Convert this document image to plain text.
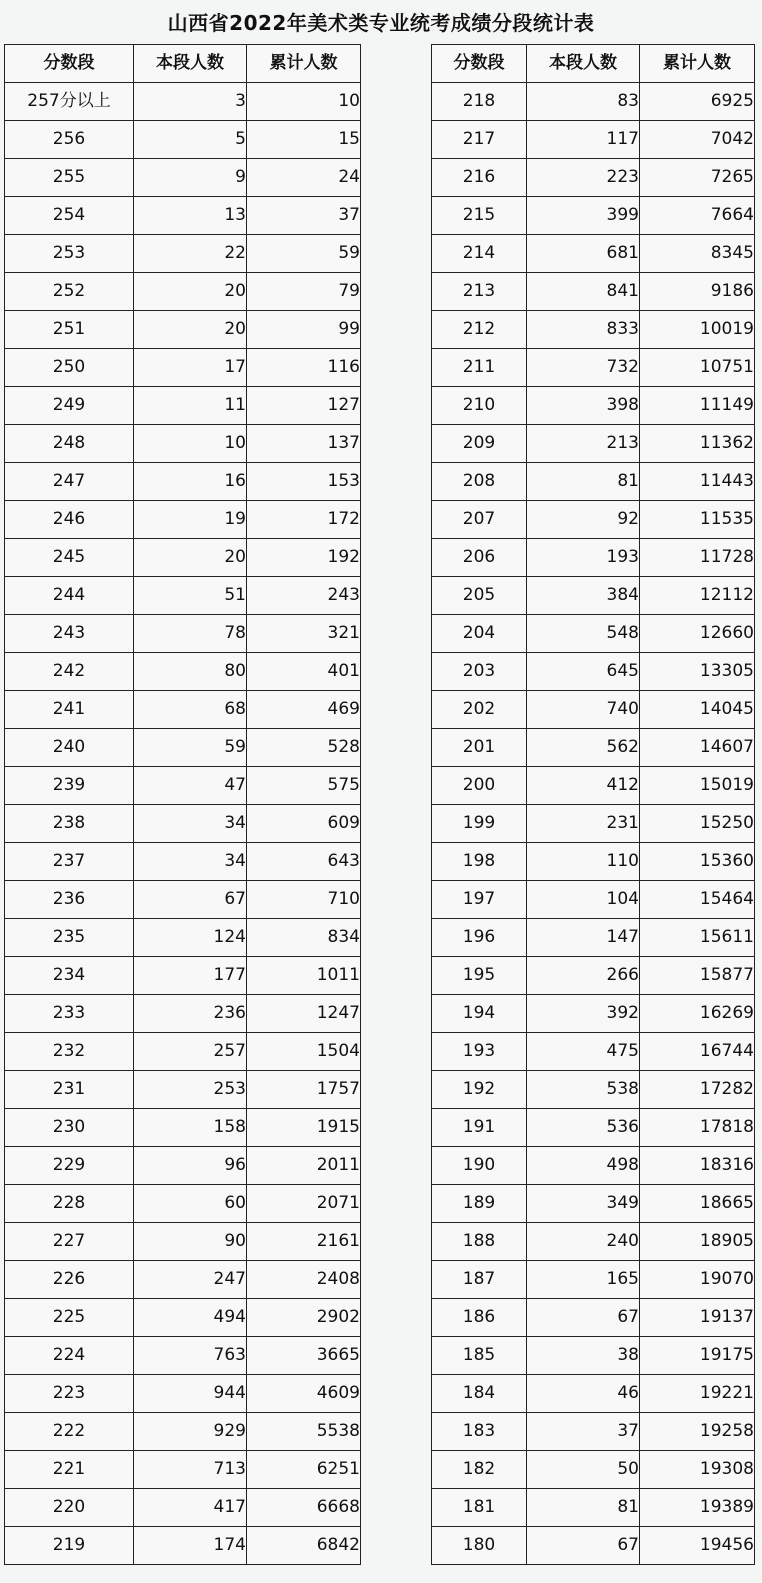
山西省2022年美术类专业统考成绩分段统计表
分数段	本段人数	累计人数
257分以上	3	10
256	5	15
255	9	24
254	13	37
253	22	59
252	20	79
251	20	99
250	17	116
249	11	127
248	10	137
247	16	153
246	19	172
245	20	192
244	51	243
243	78	321
242	80	401
241	68	469
240	59	528
239	47	575
238	34	609
237	34	643
236	67	710
235	124	834
234	177	1011
233	236	1247
232	257	1504
231	253	1757
230	158	1915
229	96	2011
228	60	2071
227	90	2161
226	247	2408
225	494	2902
224	763	3665
223	944	4609
222	929	5538
221	713	6251
220	417	6668
219	174	6842
分数段	本段人数	累计人数
218	83	6925
217	117	7042
216	223	7265
215	399	7664
214	681	8345
213	841	9186
212	833	10019
211	732	10751
210	398	11149
209	213	11362
208	81	11443
207	92	11535
206	193	11728
205	384	12112
204	548	12660
203	645	13305
202	740	14045
201	562	14607
200	412	15019
199	231	15250
198	110	15360
197	104	15464
196	147	15611
195	266	15877
194	392	16269
193	475	16744
192	538	17282
191	536	17818
190	498	18316
189	349	18665
188	240	18905
187	165	19070
186	67	19137
185	38	19175
184	46	19221
183	37	19258
182	50	19308
181	81	19389
180	67	19456
